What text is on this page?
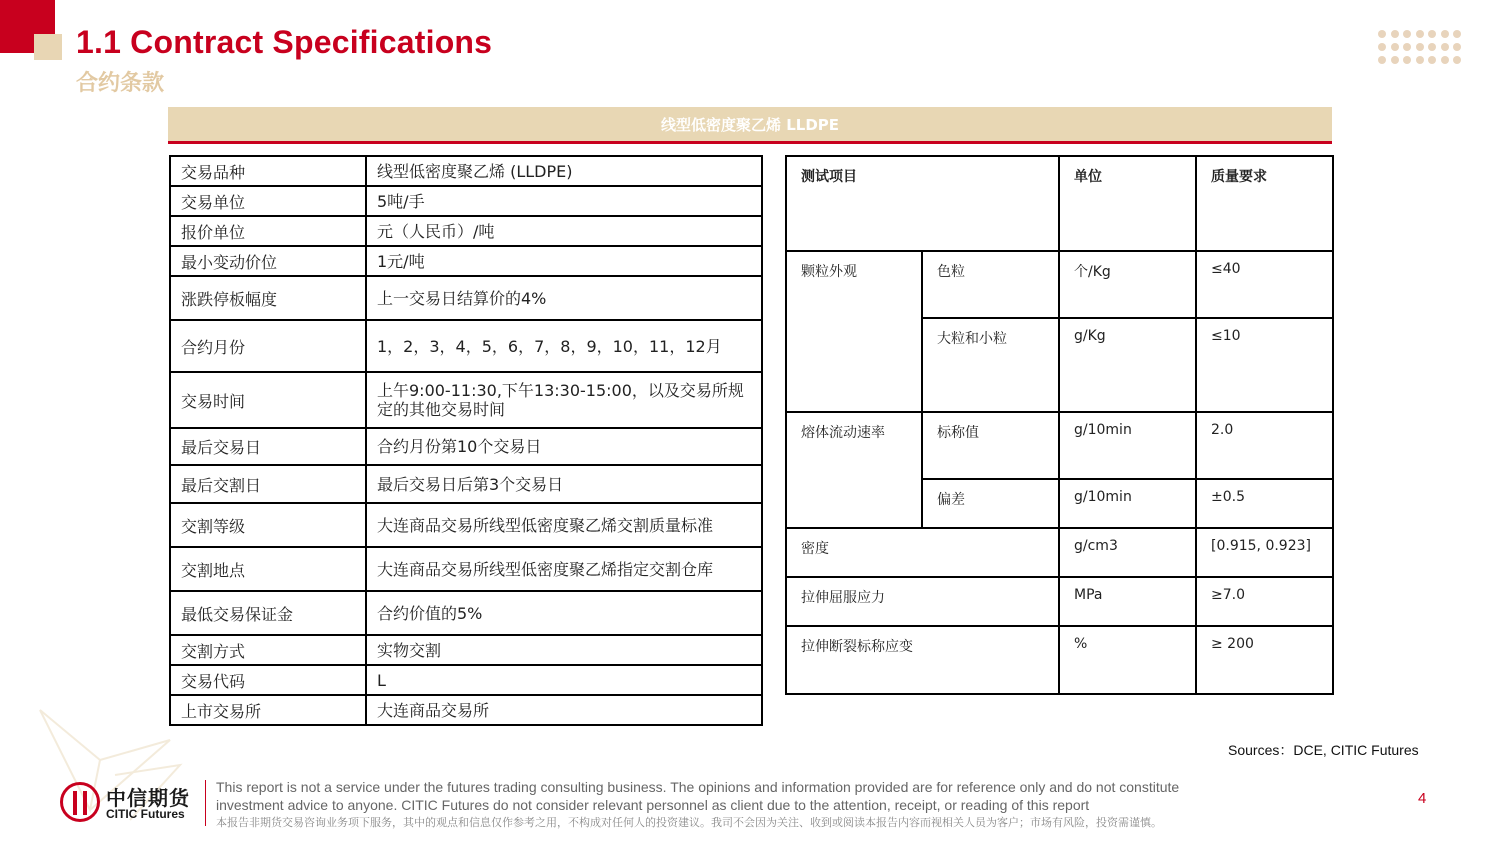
1.1 Contract Specifications
合约条款
线型低密度聚乙烯 LLDPE
交易品种	线型低密度聚乙烯 (LLDPE)
交易单位	5吨/手
报价单位	元（人民币）/吨
最小变动价位	1元/吨
涨跌停板幅度	上一交易日结算价的4%
合约月份	1，2，3，4，5，6，7，8，9，10，11，12月
交易时间	上午9:00-11:30,下午13:30-15:00，以及交易所规定的其他交易时间
最后交易日	合约月份第10个交易日
最后交割日	最后交易日后第3个交易日
交割等级	大连商品交易所线型低密度聚乙烯交割质量标准
交割地点	大连商品交易所线型低密度聚乙烯指定交割仓库
最低交易保证金	合约价值的5%
交割方式	实物交割
交易代码	L
上市交易所	大连商品交易所
测试项目		单位	质量要求
颗粒外观	色粒	个/Kg	≤40
	大粒和小粒	g/Kg	≤10
熔体流动速率	标称值	g/10min	2.0
	偏差	g/10min	±0.5
密度		g/cm3	[0.915, 0.923]
拉伸屈服应力		MPa	≥7.0
拉伸断裂标称应变		%	≥ 200
Sources：DCE, CITIC Futures
中信期货
CITIC Futures
This report is not a service under the futures trading consulting business. The opinions and information provided are for reference only and do not constitute
investment advice to anyone. CITIC Futures do not consider relevant personnel as client due to the attention, receipt, or reading of this report
本报告非期货交易咨询业务项下服务，其中的观点和信息仅作参考之用，不构成对任何人的投资建议。我司不会因为关注、收到或阅读本报告内容而视相关人员为客户；市场有风险，投资需谨慎。
4
